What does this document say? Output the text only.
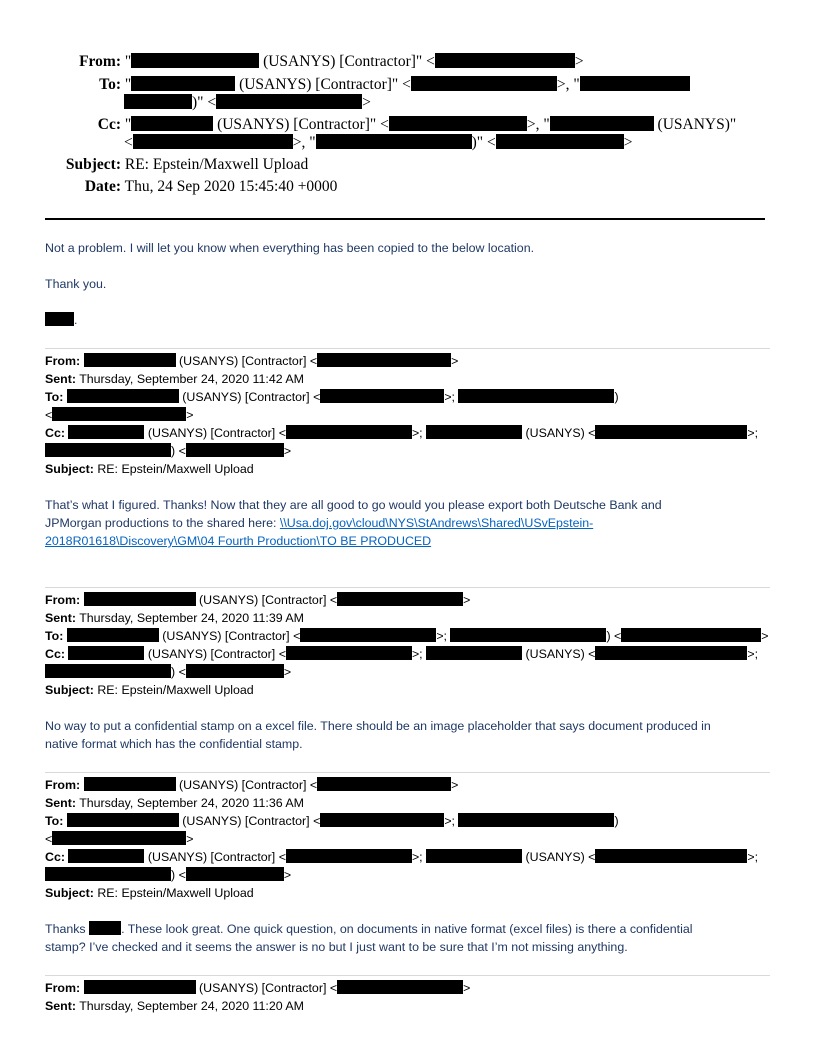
From: "	(USANYS) [Contractor]" <	>
To: "	(USANYS) [Contractor]" <	>, "
)" <	>
Cc: "	(USANYS) [Contractor]" <	>, "	(USANYS)"
<	>, "	)" <	>
Subject: RE: Epstein/Maxwell Upload
Date: Thu, 24 Sep 2020 15:45:40 +0000
Not a problem. I will let you know when everything has been copied to the below location.
Thank you.
.
From:	(USANYS) [Contractor] <	>
Sent: Thursday, September 24, 2020 11:42 AM
To:	(USANYS) [Contractor] <	>;	)
<	>
Cc:	(USANYS) [Contractor] <	>;	(USANYS) <	>;
) <	>
Subject: RE: Epstein/Maxwell Upload
That’s what I figured. Thanks! Now that they are all good to go would you please export both Deutsche Bank and
JPMorgan productions to the shared here: \\Usa.doj.gov\cloud\NYS\StAndrews\Shared\USvEpstein-
2018R01618\Discovery\GM\04 Fourth Production\TO BE PRODUCED
From:	(USANYS) [Contractor] <	>
Sent: Thursday, September 24, 2020 11:39 AM
To:	(USANYS) [Contractor] <	>;	) <	>
Cc:	(USANYS) [Contractor] <	>;	(USANYS) <	>;
) <	>
Subject: RE: Epstein/Maxwell Upload
No way to put a confidential stamp on a excel file. There should be an image placeholder that says document produced in
native format which has the confidential stamp.
From:	(USANYS) [Contractor] <	>
Sent: Thursday, September 24, 2020 11:36 AM
To:	(USANYS) [Contractor] <	>;	)
<	>
Cc:	(USANYS) [Contractor] <	>;	(USANYS) <	>;
) <	>
Subject: RE: Epstein/Maxwell Upload
Thanks	. These look great. One quick question, on documents in native format (excel files) is there a confidential
stamp? I’ve checked and it seems the answer is no but I just want to be sure that I’m not missing anything.
From:	(USANYS) [Contractor] <	>
Sent: Thursday, September 24, 2020 11:20 AM
